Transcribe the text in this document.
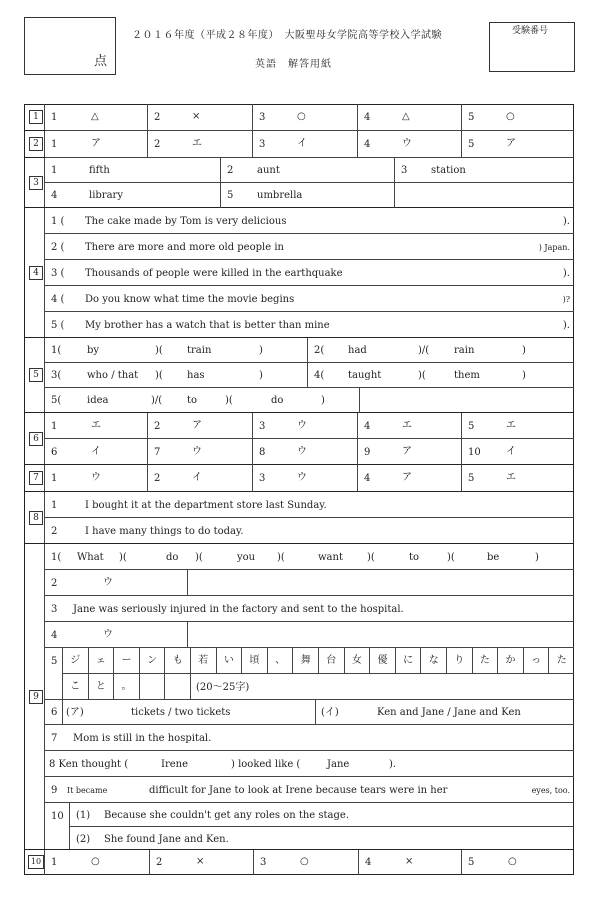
点
２０１６年度（平成２８年度）　大阪聖母女学院高等学校入学試験
英語　解答用紙
受験番号
1	1	△	2	×	3	○	4	△	5	○
2	1	ア	2	エ	3	イ	4	ウ	5	ア
3
1	fifth	2 aunt	3 station
4	library	5 umbrella
4
1 ( The cake made by Tom is very delicious	).
2 ( There are more and more old people in	) Japan.
3 ( Thousands of people were killed in the earthquake	).
4 ( Do you know what time the movie begins	)?
5 ( My brother has a watch that is better than mine	).
5
1(	by	)( train	)	2( had	)/( rain	)
3(	who / that )( has	)	4( taught	)(	them	)
5(	idea	)/( to	)(	do	)
6
1	エ	2	ア	3	ウ	4	エ	5	エ
6	イ	7	ウ	8	ウ	9	ア	10	イ
7	1	ウ	2	イ	3	ウ	4	ア	5	エ
8
1	I bought it at the department store last Sunday.
2	I have many things to do today.
9
1( What )(	do )(	you )(	want )(	to	)(	be	)
2	ウ
3 Jane was seriously injured in the factory and sent to the hospital.
4	ウ
5	ジ	ェ	ー	ン	も	若	い	頃	、	舞	台	女	優	に	な	り	た	か	っ	た
こ	と	。	(20〜25字)
6 (ア)	tickets / two tickets	(イ)	Ken and Jane / Jane and Ken
7 Mom is still in the hospital.
8 Ken thought (	Irene	) looked like (	Jane	).
9 It became	difficult for Jane to look at Irene because tears were in her	eyes, too.
10 (1) Because she couldn't get any roles on the stage.
(2) She found Jane and Ken.
10 1	○	2	×	3	○	4	×	5	○
